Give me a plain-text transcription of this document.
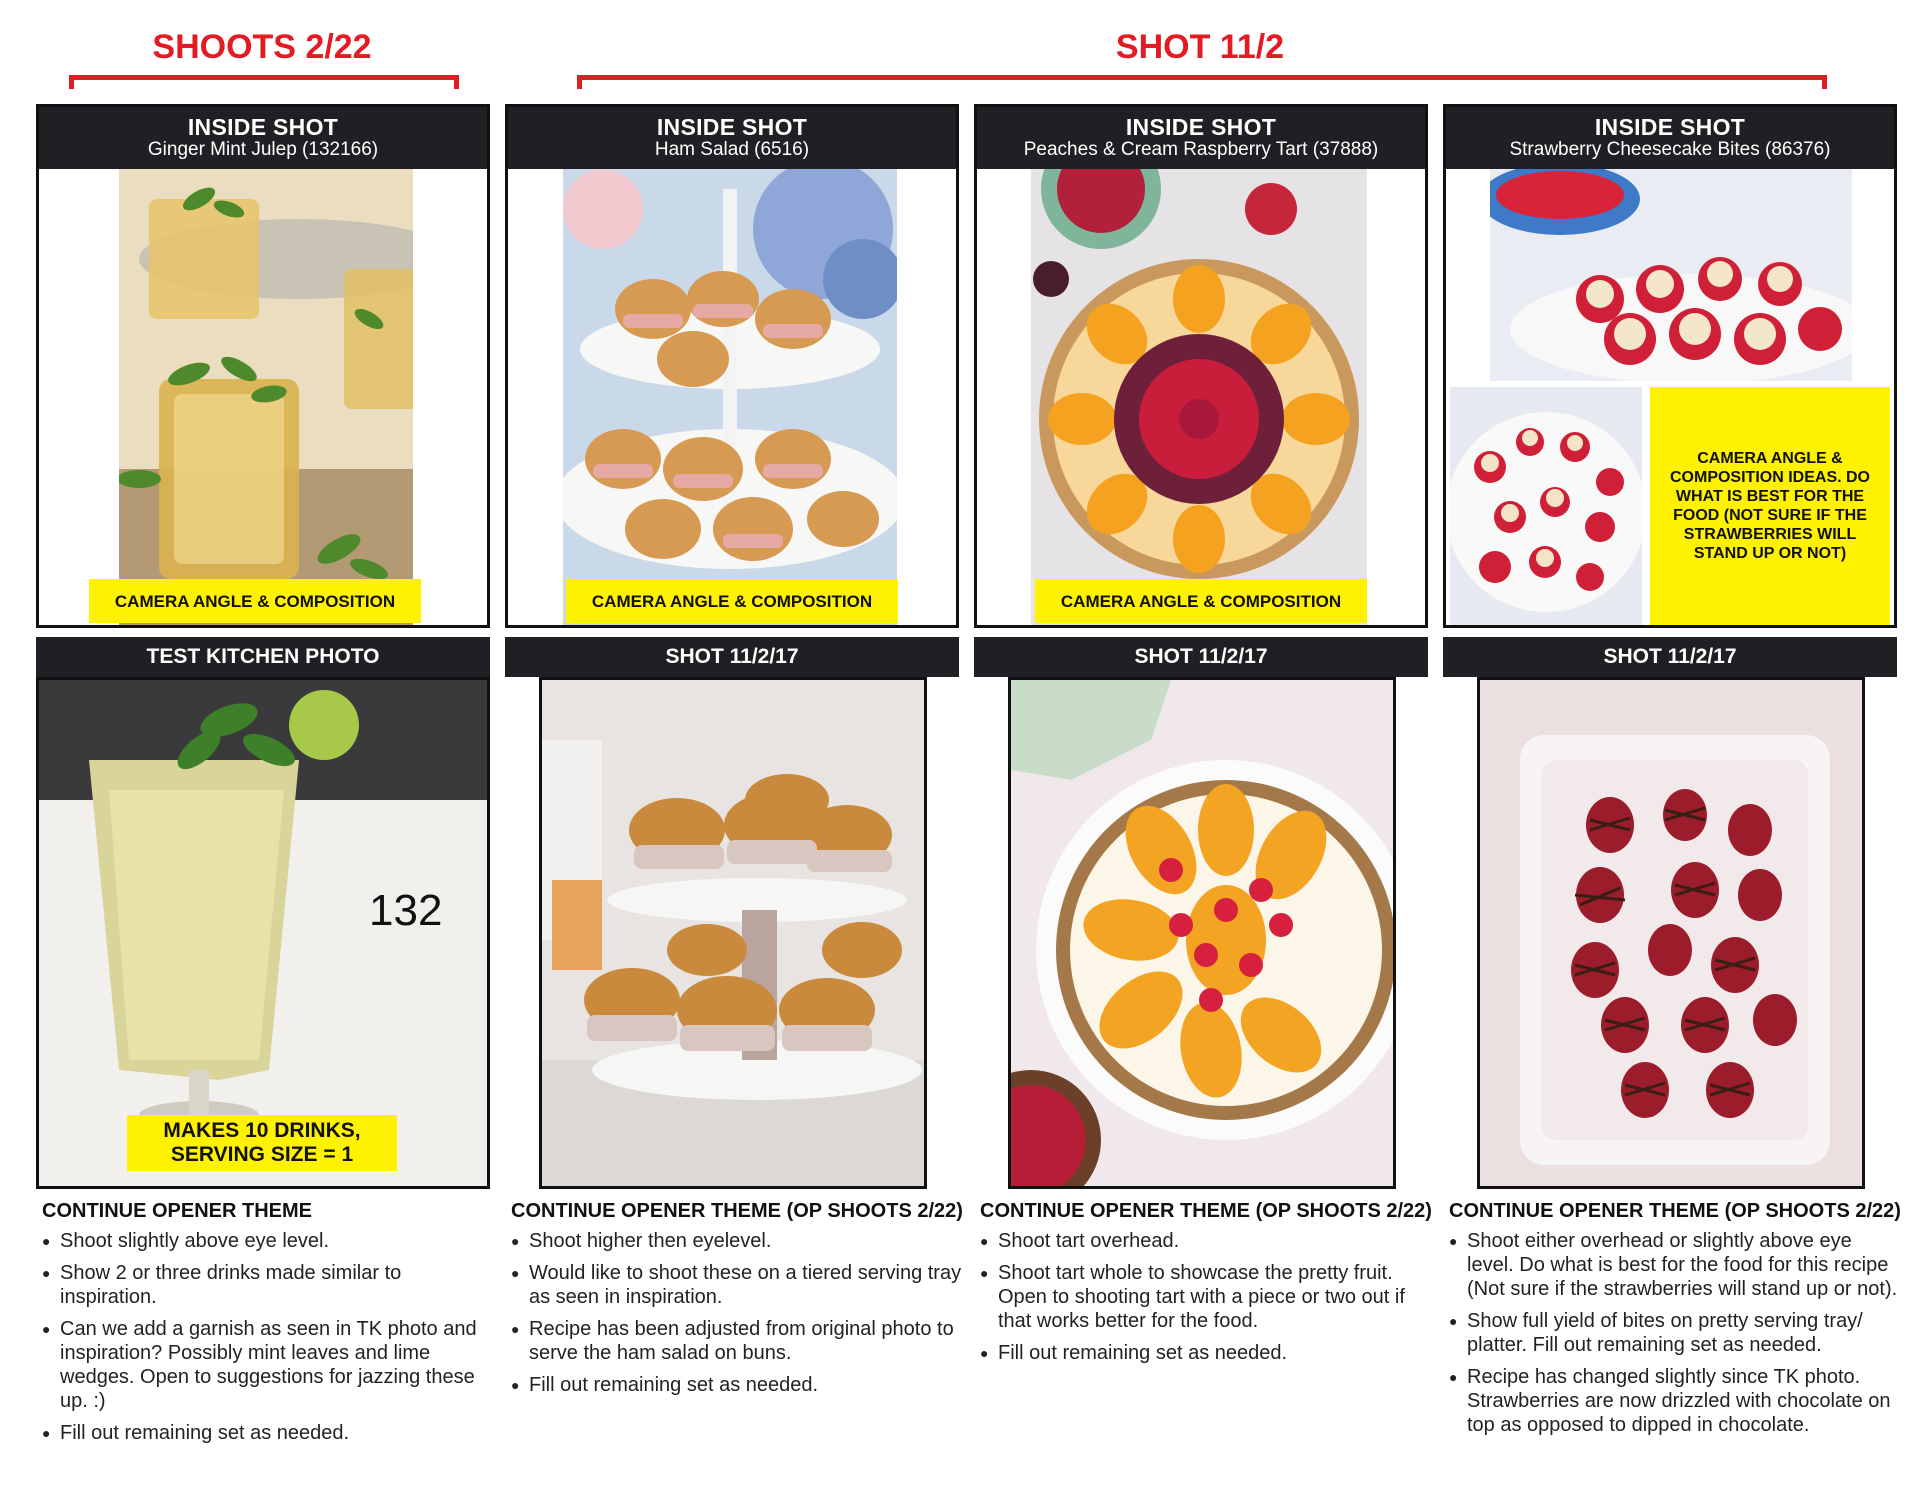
SHOOTS 2/22	SHOT 11/2
INSIDE SHOT
Ginger Mint Julep (132166)
CAMERA ANGLE & COMPOSITION
TEST KITCHEN PHOTO
132
MAKES 10 DRINKS, SERVING SIZE = 1
CONTINUE OPENER THEME
● Shoot slightly above eye level.
● Show 2 or three drinks made similar to inspiration.
● Can we add a garnish as seen in TK photo and inspiration? Possibly mint leaves and lime wedges. Open to suggestions for jazzing these up. :)
● Fill out remaining set as needed.
INSIDE SHOT
Ham Salad (6516)
CAMERA ANGLE & COMPOSITION
SHOT 11/2/17
CONTINUE OPENER THEME (OP SHOOTS 2/22)
● Shoot higher then eyelevel.
● Would like to shoot these on a tiered serving tray as seen in inspiration.
● Recipe has been adjusted from original photo to serve the ham salad on buns.
● Fill out remaining set as needed.
INSIDE SHOT
Peaches & Cream Raspberry Tart (37888)
CAMERA ANGLE & COMPOSITION
SHOT 11/2/17
CONTINUE OPENER THEME (OP SHOOTS 2/22)
● Shoot tart overhead.
● Shoot tart whole to showcase the pretty fruit. Open to shooting tart with a piece or two out if that works better for the food.
● Fill out remaining set as needed.
INSIDE SHOT
Strawberry Cheesecake Bites (86376)
CAMERA ANGLE & COMPOSITION IDEAS. DO WHAT IS BEST FOR THE FOOD (NOT SURE IF THE STRAWBERRIES WILL STAND UP OR NOT)
SHOT 11/2/17
CONTINUE OPENER THEME (OP SHOOTS 2/22)
● Shoot either overhead or slightly above eye level. Do what is best for the food for this recipe (Not sure if the strawberries will stand up or not).
● Show full yield of bites on pretty serving tray/ platter. Fill out remaining set as needed.
● Recipe has changed slightly since TK photo. Strawberries are now drizzled with chocolate on top as opposed to dipped in chocolate.
